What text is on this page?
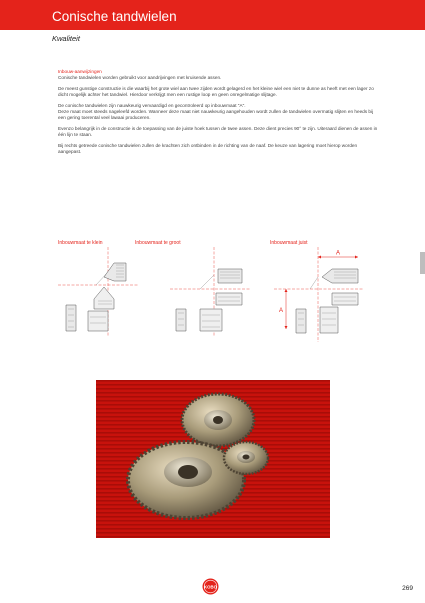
Conische tandwielen
Kwaliteit
Inbouw-aanwijzingen

Conische tandwielen worden gebruikt voor aandrijvingen met kruisende assen.

De meest gunstige constructie is die waarbij het grote wiel aan twee zijden wordt gelagerd en het kleine wiel een niet te dunne as heeft met een lager zo dicht mogelijk achter het tandwiel. Hierdoor verkrijgt men een rustige loop en geen onregelmatige slijtage.

De conische tandwielen zijn nauwkeurig vervaardigd en gecontroleerd op inbouwmaat "A".

Deze maat moet steeds nageleefd worden. Wanneer deze maat niet nauwkeurig aangehouden wordt zullen de tandwielen overmatig slijten en heeds bij een gering toerental veel lawaai produceren.

Evenzo belangrijk in de constructie is de toepassing van de juiste hoek tussen de twee assen. Deze dient precies 90° te zijn. Uiteraard dienen de assen in één lijn te staan.

Bij rechts getreede conische tandwielen zullen de krachten zich ontbinden in de richting van de naaf. De keuze van lagering moet hierop worden aangepast.

Inbouwmaat te klein	Inbouwmaat te groot	Inbouwmaat juist
A
A
KOBO	269
